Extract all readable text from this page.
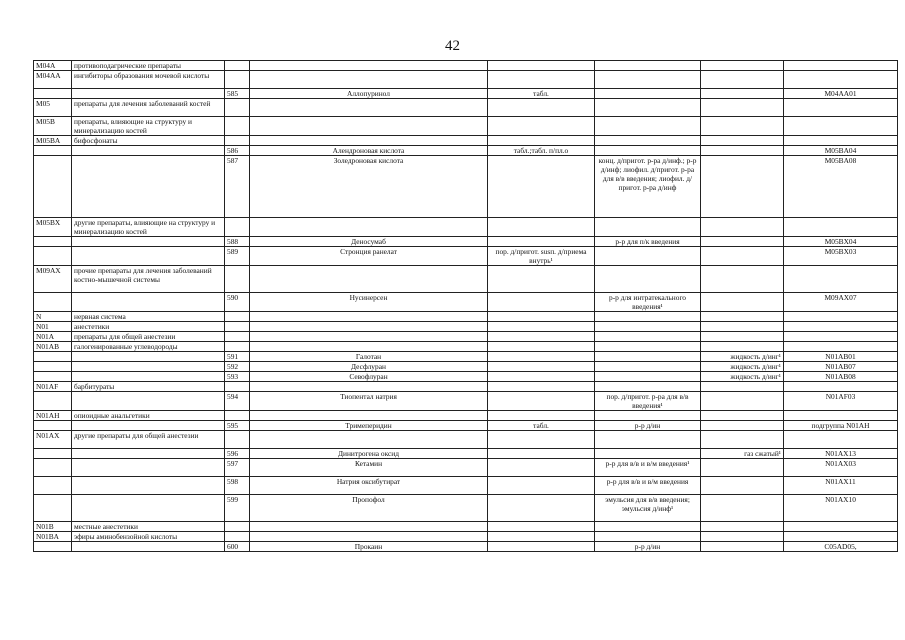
42
M04A	противоподагрические препараты						
M04AA	ингибиторы образования мочевой кислоты						
		585	Аллопуринол	табл.			M04AA01
M05	препараты для лечения заболеваний костей						
M05B	препараты, влияющие на структуру и минерализацию костей						
M05BA	бифосфонаты						
		586	Алендроновая кислота	табл.;табл. п/пл.о			M05BA04
		587	Золедроновая кислота		конц. д/пригот. р-ра д/инф.; р-р д/инф; лиофил. д/пригот. р-ра для в/в введения; лиофил. д/пригот. р-ра д/инф		M05BA08
M05BX	другие препараты, влияющие на структуру и минерализацию костей						
		588	Деносумаб		р-р для п/к введения		M05BX04
		589	Стронция ранелат	пор. д/пригот. susп. д/приема внутрь¹			M05BX03
M09AX	прочие препараты для лечения заболеваний костно-мышечной системы						
		590	Нусинерсен		р-р для интратекального введения¹		M09AX07
N	нервная система						
N01	анестетики						
N01A	препараты для общей анестезии						
N01AB	галогенированные углеводороды						
		591	Галотан			жидкость д/инг¹	N01AB01
		592	Десфлуран			жидкость д/инг¹	N01AB07
		593	Севофлуран			жидкость д/инг¹	N01AB08
N01AF	барбитураты						
		594	Тиопентал натрия		пор. д/пригот. р-ра для в/в введения¹		N01AF03
N01AH	опиоидные анальгетики						
		595	Тримеперидин	табл.	р-р д/ин		подгруппа N01AH
N01AX	другие препараты для общей анестезии						
		596	Динитрогена оксид			газ сжатый¹	N01AX13
		597	Кетамин		р-р для в/в и в/м введения¹		N01AX03
		598	Натрия оксибутират		р-р для в/в и в/м введения		N01AX11
		599	Пропофол		эмульсия для в/в введения; эмульсия д/инф¹		N01AX10
N01B	местные анестетики						
N01BA	эфиры аминобензойной кислоты						
		600	Прокаин		р-р д/ин		C05AD05,
